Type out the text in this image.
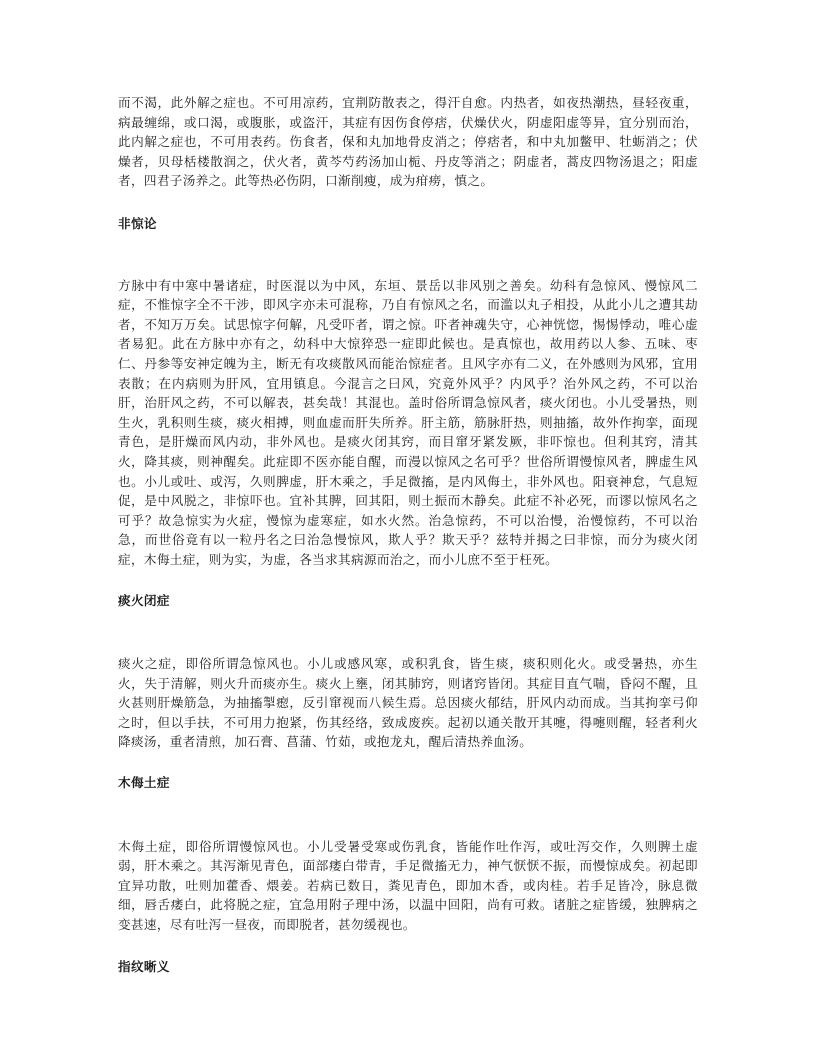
而不渴，此外解之症也。不可用凉药，宜荆防散表之，得汗自愈。内热者，如夜热潮热，昼轻夜重，病最缠绵，或口渴，或腹胀，或盗汗，其症有因伤食停痞，伏燥伏火，阴虚阳虚等异，宜分别而治，此内解之症也，不可用表药。伤食者，保和丸加地骨皮消之；停痞者，和中丸加鳖甲、牡蛎消之；伏燥者，贝母栝楼散润之，伏火者，黄芩芍药汤加山栀、丹皮等消之；阴虚者，蒿皮四物汤退之；阳虚者，四君子汤养之。此等热必伤阴，口渐削瘦，成为疳痨，慎之。

非惊论

方脉中有中寒中暑诸症，时医混以为中风，东垣、景岳以非风别之善矣。幼科有急惊风、慢惊风二症，不惟惊字全不干涉，即风字亦未可混称，乃自有惊风之名，而滥以丸子相投，从此小儿之遭其劫者，不知万万矣。试思惊字何解，凡受吓者，谓之惊。吓者神魂失守，心神恍惚，惕惕悸动，唯心虚者易犯。此在方脉中亦有之，幼科中大惊猝恐一症即此候也。是真惊也，故用药以人参、五味、枣仁、丹参等安神定魄为主，断无有攻痰散风而能治惊症者。且风字亦有二义，在外感则为风邪，宜用表散；在内病则为肝风，宜用镇息。今混言之曰风，究竟外风乎？内风乎？治外风之药，不可以治肝，治肝风之药，不可以解表，甚矣哉！其混也。盖时俗所谓急惊风者，痰火闭也。小儿受暑热，则生火，乳积则生痰，痰火相搏，则血虚而肝失所养。肝主筋，筋脉肝热，则抽搐，故外作拘挛，面现青色，是肝燥而风内动，非外风也。是痰火闭其窍，而目窜牙紧发厥，非吓惊也。但利其窍，清其火，降其痰，则神醒矣。此症即不医亦能自醒，而漫以惊风之名可乎？世俗所谓慢惊风者，脾虚生风也。小儿或吐、或泻，久则脾虚，肝木乘之，手足微搐，是内风侮土，非外风也。阳衰神怠，气息短促，是中风脱之，非惊吓也。宜补其脾，回其阳，则土振而木静矣。此症不补必死，而谬以惊风名之可乎？故急惊实为火症，慢惊为虚寒症，如水火然。治急惊药，不可以治慢，治慢惊药，不可以治急，而世俗竟有以一粒丹名之曰治急慢惊风，欺人乎？欺天乎？兹特并揭之曰非惊，而分为痰火闭症，木侮土症，则为实，为虚，各当求其病源而治之，而小儿庶不至于枉死。

痰火闭症

痰火之症，即俗所谓急惊风也。小儿或感风寒，或积乳食，皆生痰，痰积则化火。或受暑热，亦生火，失于清解，则火升而痰亦生。痰火上壅，闭其肺窍，则诸窍皆闭。其症目直气喘，昏闷不醒，且火甚则肝燥筋急，为抽搐掣瘛，反引窜视而八候生焉。总因痰火郁结，肝风内动而成。当其拘挛弓仰之时，但以手扶，不可用力抱紧，伤其经络，致成废疾。起初以通关散开其嚏，得嚏则醒，轻者利火降痰汤，重者清煎，加石膏、菖蒲、竹茹，或抱龙丸，醒后清热养血汤。

木侮土症

木侮土症，即俗所谓慢惊风也。小儿受暑受寒或伤乳食，皆能作吐作泻，或吐泻交作，久则脾土虚弱，肝木乘之。其泻渐见青色，面部痿白带青，手足微搐无力，神气恹恹不振，而慢惊成矣。初起即宜异功散，吐则加藿香、煨姜。若病已数日，粪见青色，即加木香，或肉桂。若手足皆冷，脉息微细，唇舌痿白，此将脱之症，宜急用附子理中汤，以温中回阳，尚有可救。诸脏之症皆缓，独脾病之变甚速，尽有吐泻一昼夜，而即脱者，甚勿缓视也。

指纹晰义
